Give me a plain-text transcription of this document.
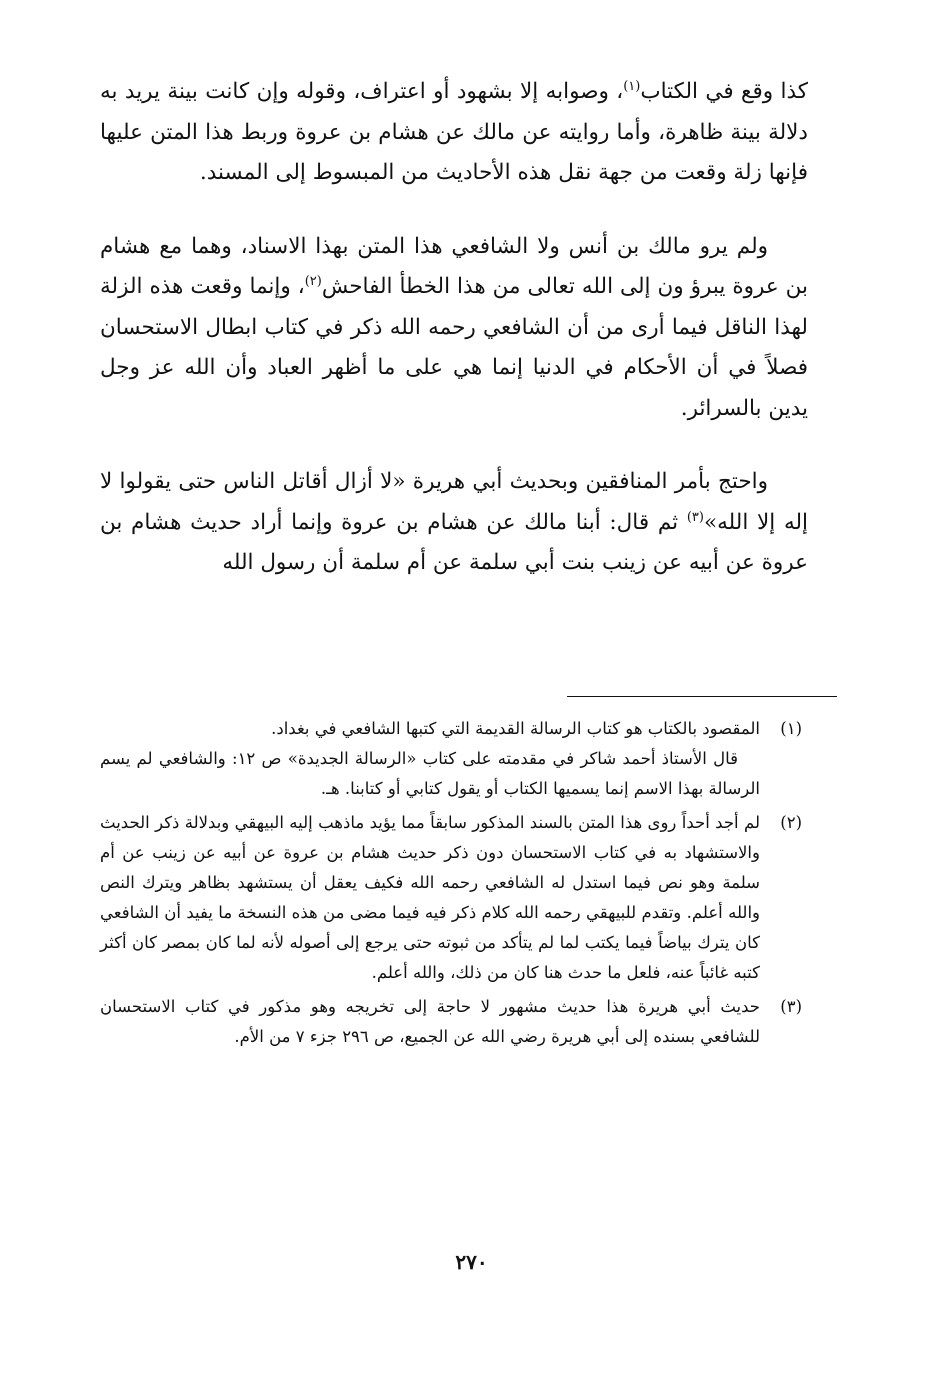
كذا وقع في الكتاب$^{(١)}$، وصوابه إلا بشهود أو اعتراف، وقوله وإن كانت بينة يريد به دلالة بينة ظاهرة، وأما روايته عن مالك عن هشام بن عروة وربط هذا المتن عليها فإنها زلة وقعت من جهة نقل هذه الأحاديث من المبسوط إلى المسند.

ولم يرو مالك بن أنس ولا الشافعي هذا المتن بهذا الاسناد، وهما مع هشام بن عروة يبرؤ ون إلى الله تعالى من هذا الخطأ الفاحش$^{(٢)}$، وإنما وقعت هذه الزلة لهذا الناقل فيما أرى من أن الشافعي رحمه الله ذكر في كتاب ابطال الاستحسان فصلاً في أن الأحكام في الدنيا إنما هي على ما أظهر العباد وأن الله عز وجل يدين بالسرائر.

واحتج بأمر المنافقين وبحديث أبي هريرة «لا أزال أقاتل الناس حتى يقولوا لا إله إلا الله»$^{(٣)}$ ثم قال: أبنا مالك عن هشام بن عروة وإنما أراد حديث هشام بن عروة عن أبيه عن زينب بنت أبي سلمة عن أم سلمة أن رسول الله

(١)

المقصود بالكتاب هو كتاب الرسالة القديمة التي كتبها الشافعي في بغداد.

قال الأستاذ أحمد شاكر في مقدمته على كتاب «الرسالة الجديدة» ص ١٢: والشافعي لم يسم الرسالة بهذا الاسم إنما يسميها الكتاب أو يقول كتابي أو كتابنا. هـ.

(٢)

لم أجد أحداً روى هذا المتن بالسند المذكور سابقاً مما يؤيد ماذهب إليه البيهقي وبدلالة ذكر الحديث والاستشهاد به في كتاب الاستحسان دون ذكر حديث هشام بن عروة عن أبيه عن زينب عن أم سلمة وهو نص فيما استدل له الشافعي رحمه الله فكيف يعقل أن يستشهد بظاهر ويترك النص والله أعلم. وتقدم للبيهقي رحمه الله كلام ذكر فيه فيما مضى من هذه النسخة ما يفيد أن الشافعي كان يترك بياضاً فيما يكتب لما لم يتأكد من ثبوته حتى يرجع إلى أصوله لأنه لما كان بمصر كان أكثر كتبه غائباً عنه، فلعل ما حدث هنا كان من ذلك، والله أعلم.

(٣)

حديث أبي هريرة هذا حديث مشهور لا حاجة إلى تخريجه وهو مذكور في كتاب الاستحسان للشافعي بسنده إلى أبي هريرة رضي الله عن الجميع، ص ٢٩٦ جزء ٧ من الأم.

٢٧٠
